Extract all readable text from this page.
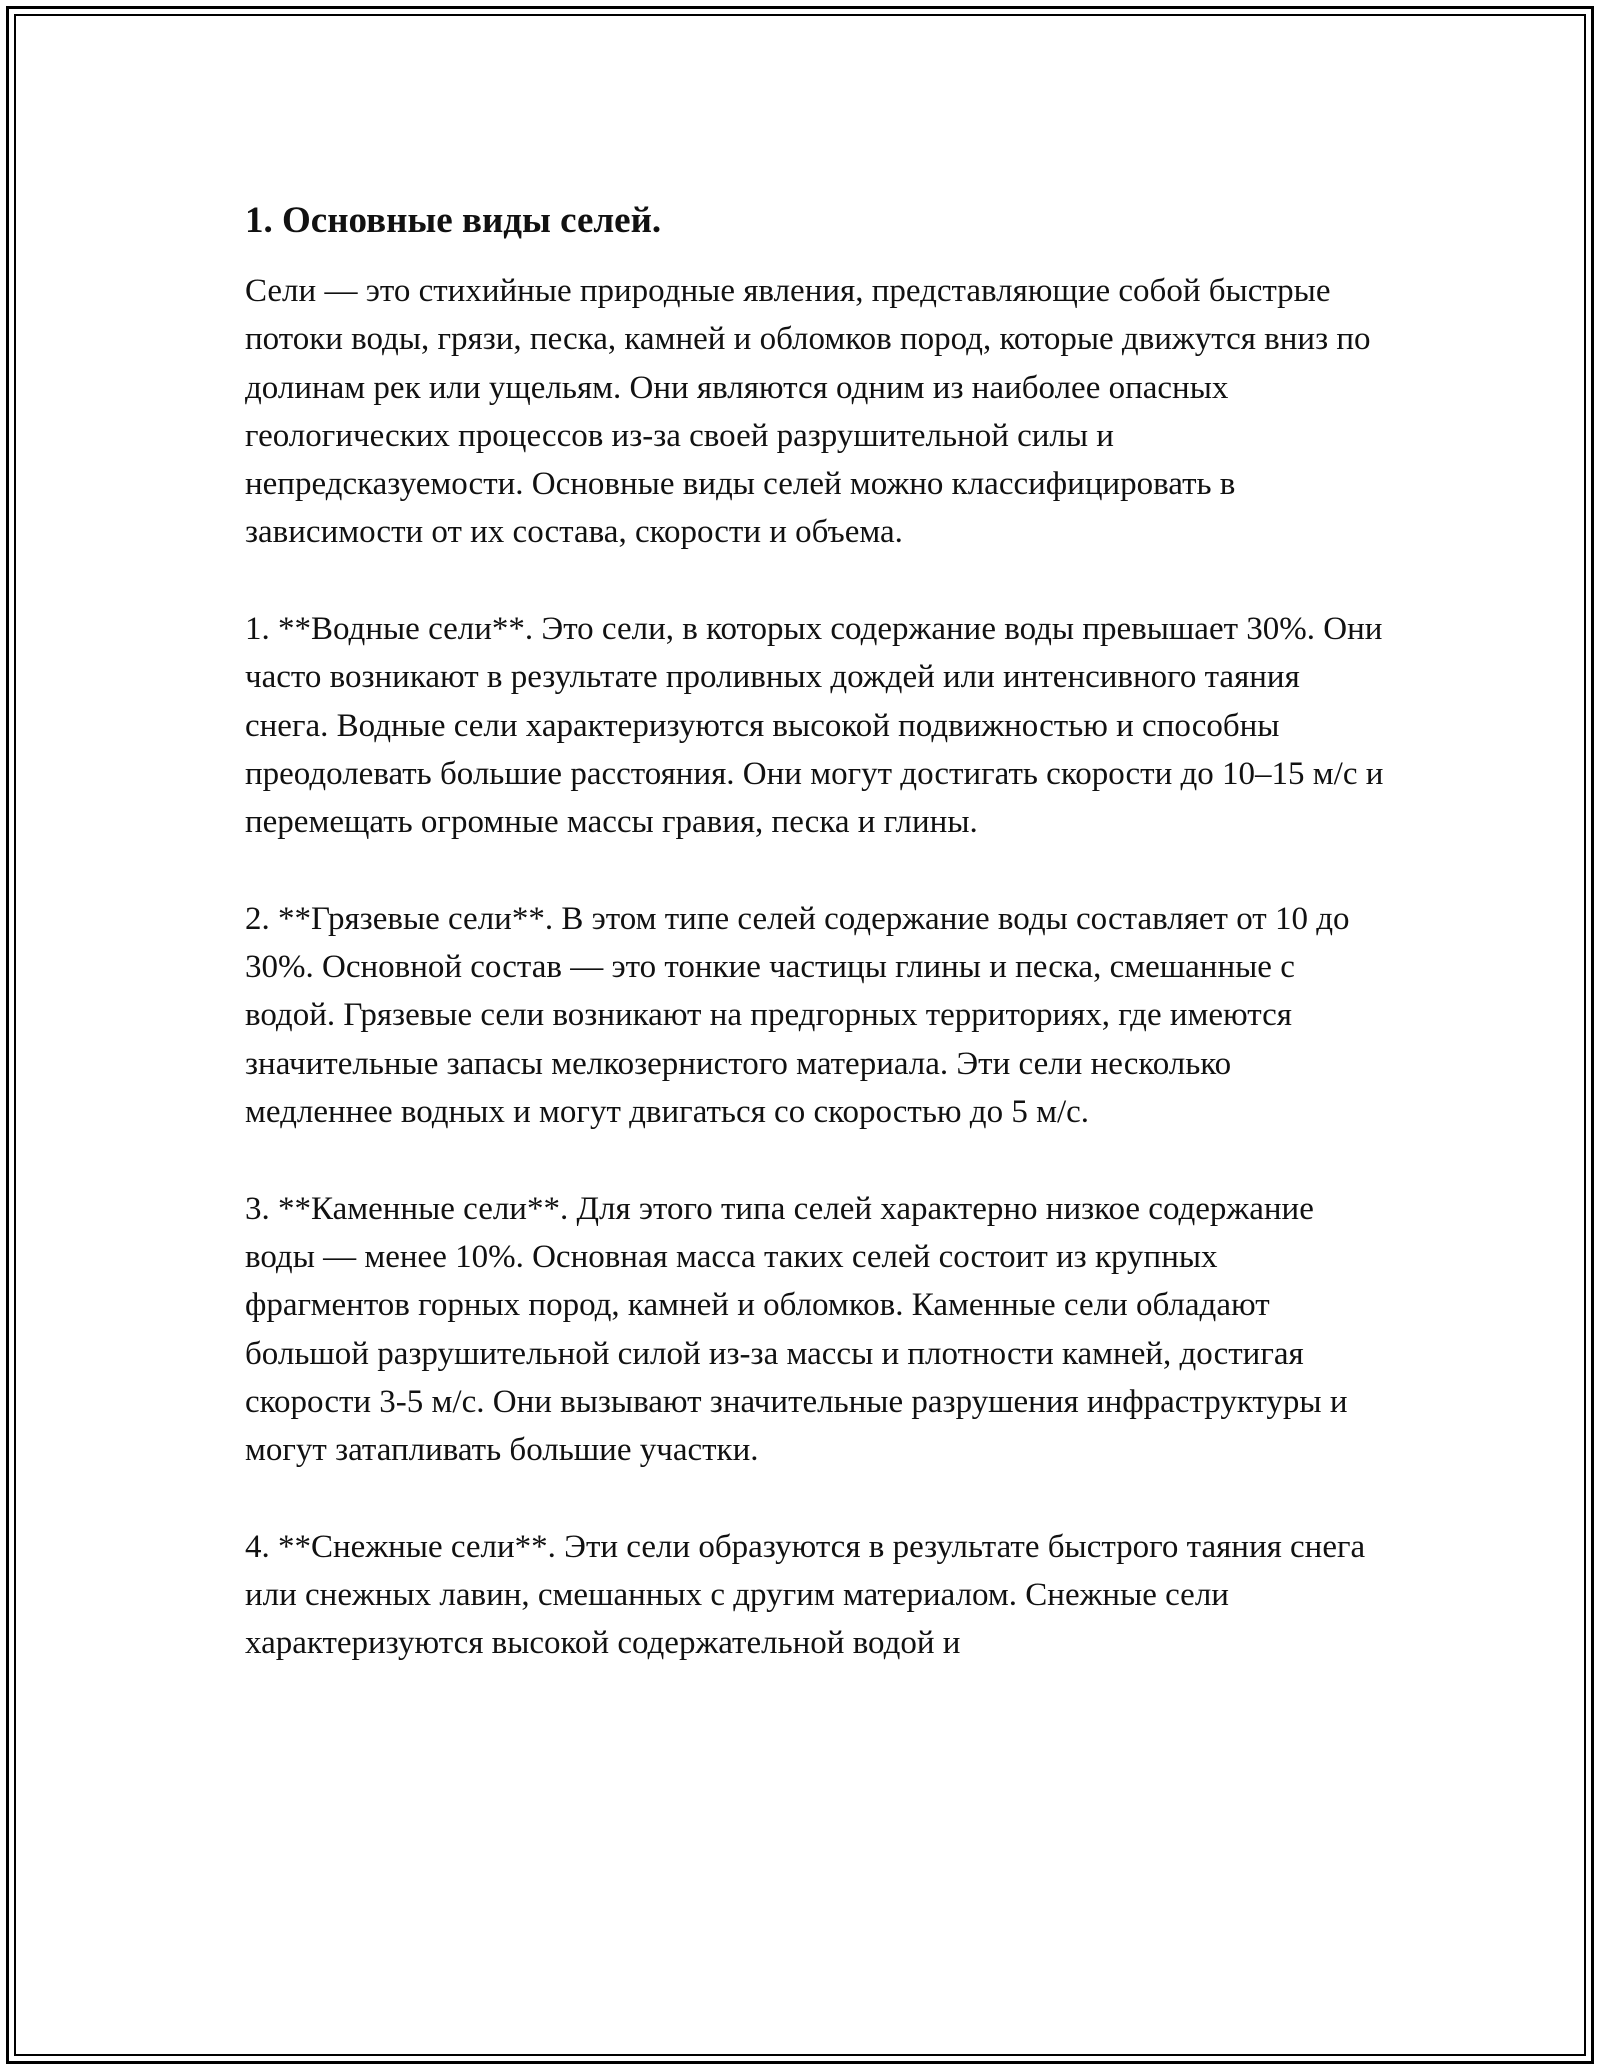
1. Основные виды селей.

Сели — это стихийные природные явления, представляющие собой быстрые потоки воды, грязи, песка, камней и обломков пород, которые движутся вниз по долинам рек или ущельям. Они являются одним из наиболее опасных геологических процессов из-за своей разрушительной силы и непредсказуемости. Основные виды селей можно классифицировать в зависимости от их состава, скорости и объема.

1. **Водные сели**. Это сели, в которых содержание воды превышает 30%. Они часто возникают в результате проливных дождей или интенсивного таяния снега. Водные сели характеризуются высокой подвижностью и способны преодолевать большие расстояния. Они могут достигать скорости до 10–15 м/с и перемещать огромные массы гравия, песка и глины.

2. **Грязевые сели**. В этом типе селей содержание воды составляет от 10 до 30%. Основной состав — это тонкие частицы глины и песка, смешанные с водой. Грязевые сели возникают на предгорных территориях, где имеются значительные запасы мелкозернистого материала. Эти сели несколько медленнее водных и могут двигаться со скоростью до 5 м/с.

3. **Каменные сели**. Для этого типа селей характерно низкое содержание воды — менее 10%. Основная масса таких селей состоит из крупных фрагментов горных пород, камней и обломков. Каменные сели обладают большой разрушительной силой из-за массы и плотности камней, достигая скорости 3-5 м/с. Они вызывают значительные разрушения инфраструктуры и могут затапливать большие участки.

4. **Снежные сели**. Эти сели образуются в результате быстрого таяния снега или снежных лавин, смешанных с другим материалом. Снежные сели характеризуются высокой содержательной водой и
